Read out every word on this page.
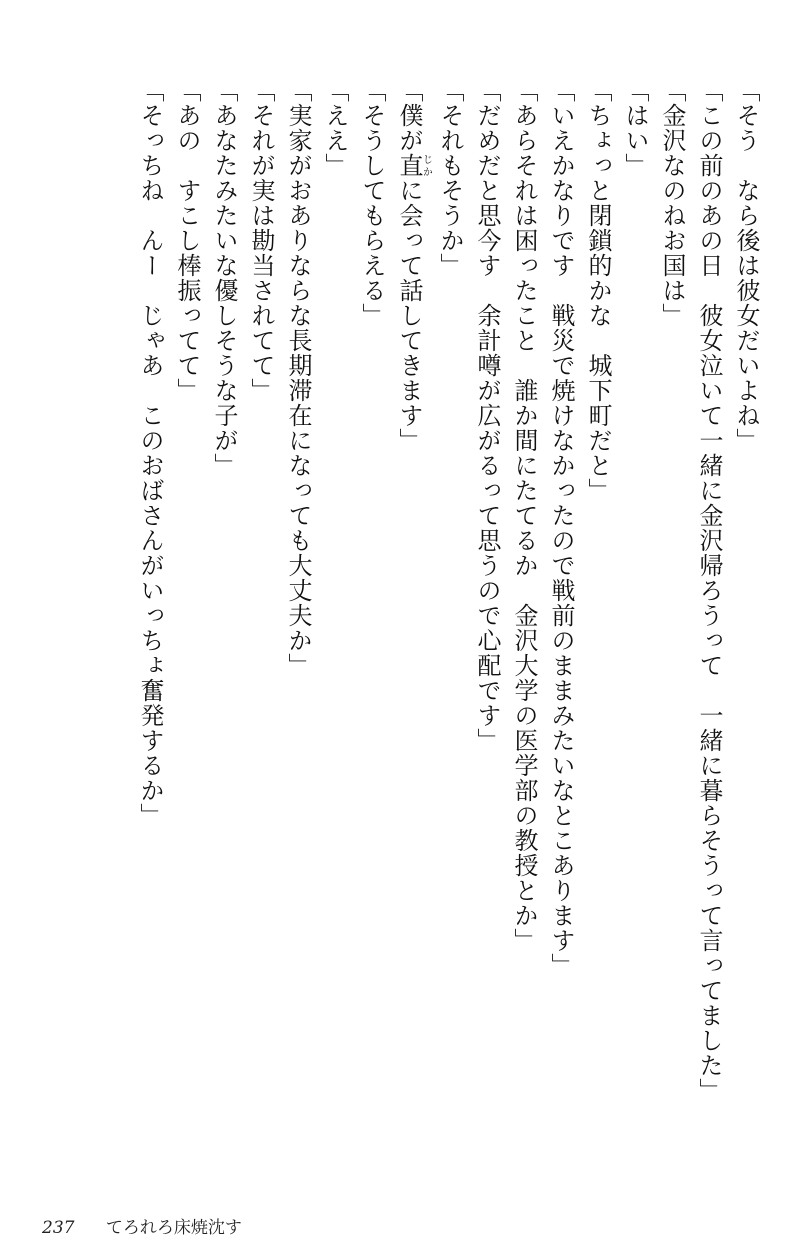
「そう　なら後は彼女だいよね」
「この前のあの日　彼女泣いて一緒に金沢帰ろうって　一緒に暮らそうって言ってました」
「金沢なのねお国は」
「はい」
「ちょっと閉鎖的かな　城下町だと」
「いえかなりです　戦災で焼けなかったので戦前のままみたいなとこあります」
「あらそれは困ったこと　誰か間にたてるか　金沢大学の医学部の教授とか」
「だめだと思今す　余計噂が広がるって思うので心配です」
「それもそうか」
「僕が直じかに会って話してきます」
「そうしてもらえる」
「ええ」
「実家がおありならな長期滞在になっても大丈夫か」
「それが実は勘当されてて」
「あなたみたいな優しそうな子が」
「あの　すこし棒振ってて」
「そっちね　んー　じゃあ　このおばさんがいっちょ奮発するか」
237 てろれろ床焼沈す
